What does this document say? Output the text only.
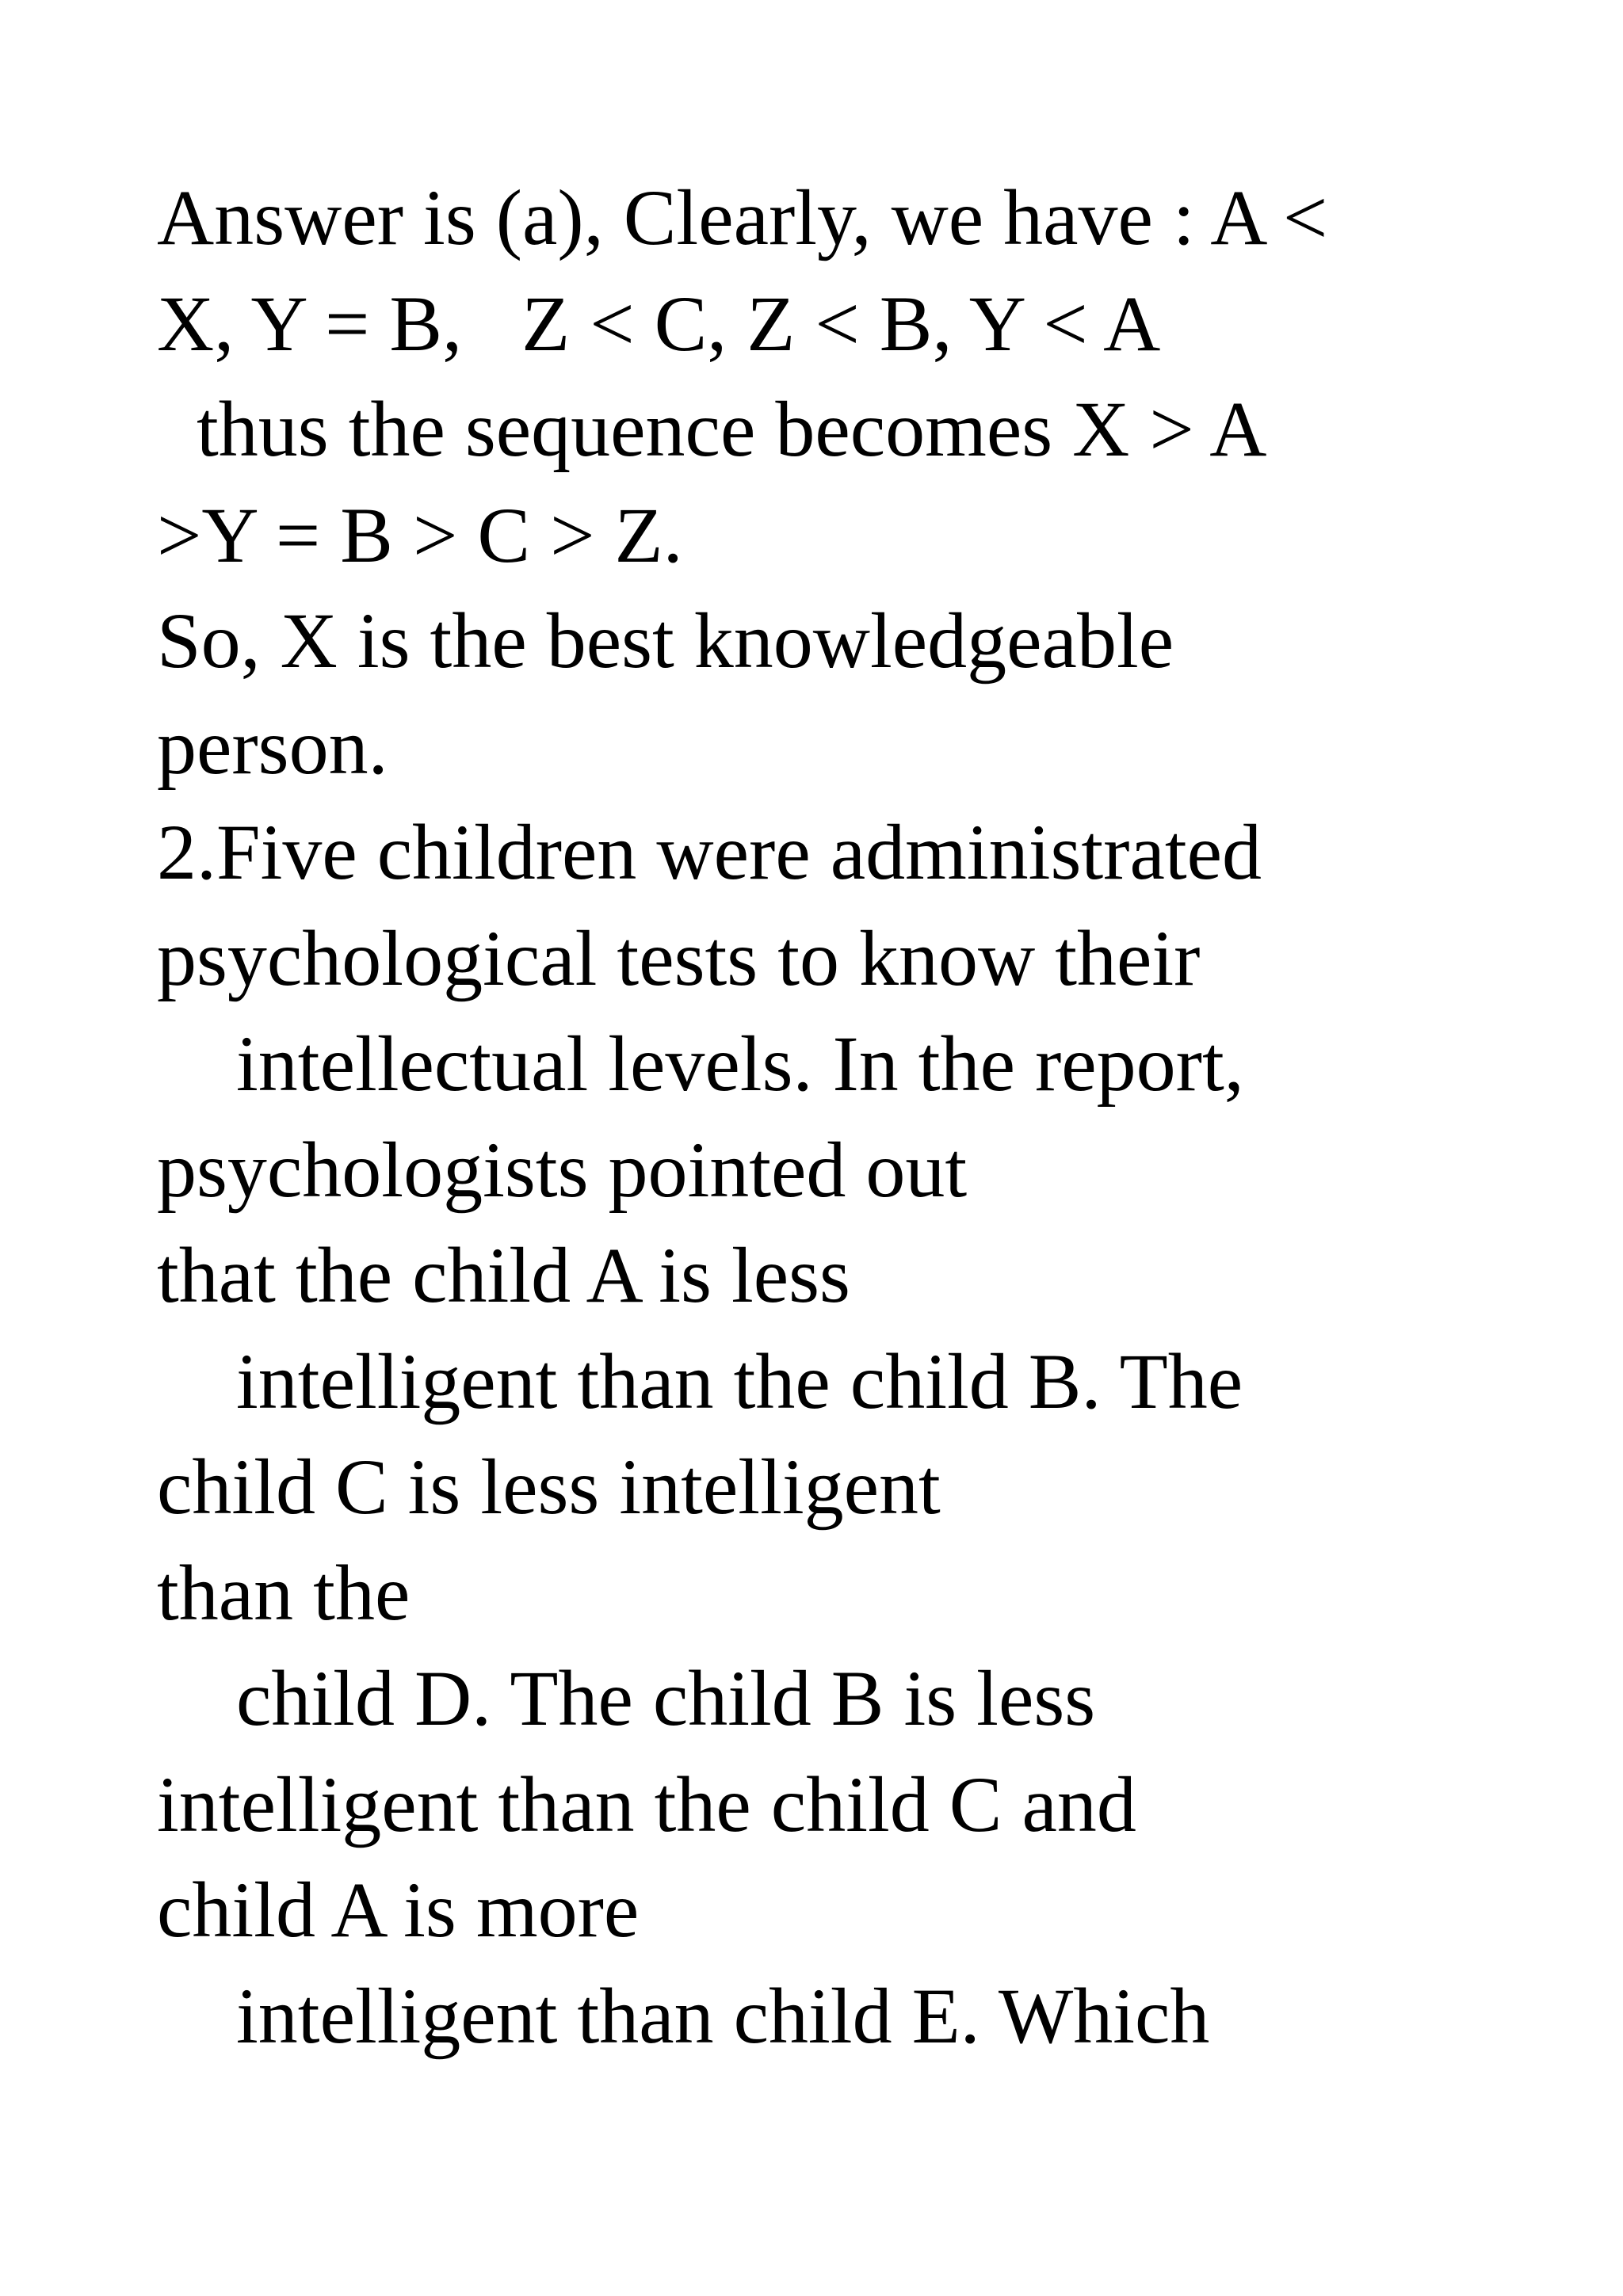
Answer is (a), Clearly, we have : A <
X, Y = B,   Z < C, Z < B, Y < A
thus the sequence becomes X > A
>Y = B > C > Z.
So, X is the best knowledgeable
person.
2.Five children were administrated
psychological tests to know their
intellectual levels. In the report,
psychologists pointed out
that the child A is less
intelligent than the child B. The
child C is less intelligent
than the
child D. The child B is less
intelligent than the child C and
child A is more
intelligent than child E. Which
